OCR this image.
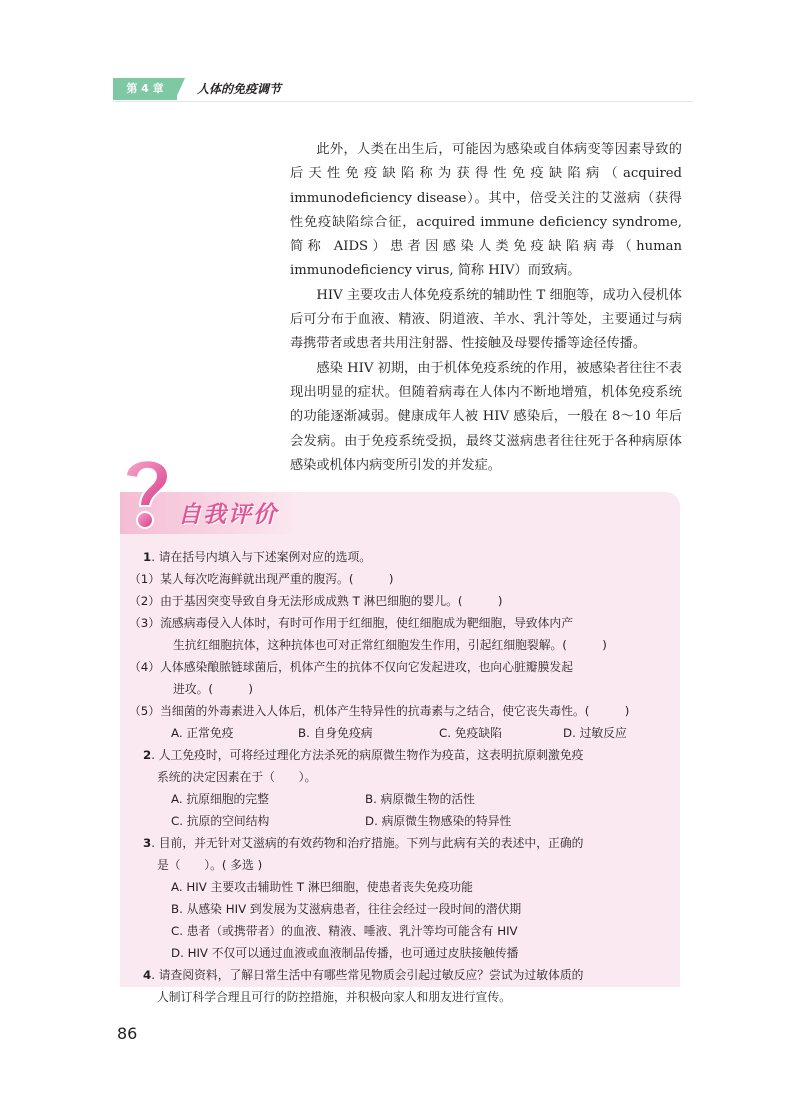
第 4 章	人体的免疫调节

此外，人类在出生后，可能因为感染或自体病变等因素导致的后天性免疫缺陷称为获得性免疫缺陷病（acquired immunodeficiency disease）。其中，倍受关注的艾滋病（获得性免疫缺陷综合征，acquired immune deficiency syndrome, 简称 AIDS）患者因感染人类免疫缺陷病毒（human immunodeficiency virus, 简称 HIV）而致病。

HIV 主要攻击人体免疫系统的辅助性 T 细胞等，成功入侵机体后可分布于血液、精液、阴道液、羊水、乳汁等处，主要通过与病毒携带者或患者共用注射器、性接触及母婴传播等途径传播。

感染 HIV 初期，由于机体免疫系统的作用，被感染者往往不表现出明显的症状。但随着病毒在人体内不断地增殖，机体免疫系统的功能逐渐减弱。健康成年人被 HIV 感染后，一般在 8～10 年后会发病。由于免疫系统受损，最终艾滋病患者往往死于各种病原体感染或机体内病变所引发的并发症。

自我评价
1. 请在括号内填入与下述案例对应的选项。
（1）某人每次吃海鲜就出现严重的腹泻。(　　　)
（2）由于基因突变导致自身无法形成成熟 T 淋巴细胞的婴儿。(　　　)
（3）流感病毒侵入人体时，有时可作用于红细胞，使红细胞成为靶细胞，导致体内产
生抗红细胞抗体，这种抗体也可对正常红细胞发生作用，引起红细胞裂解。(　　　)
（4）人体感染酿脓链球菌后，机体产生的抗体不仅向它发起进攻，也向心脏瓣膜发起
进攻。(　　　)
（5）当细菌的外毒素进入人体后，机体产生特异性的抗毒素与之结合，使它丧失毒性。(　　　)
A. 正常免疫	B. 自身免疫病	C. 免疫缺陷	D. 过敏反应
2. 人工免疫时，可将经过理化方法杀死的病原微生物作为疫苗，这表明抗原刺激免疫
系统的决定因素在于（　　）。
A. 抗原细胞的完整	B. 病原微生物的活性
C. 抗原的空间结构	D. 病原微生物感染的特异性
3. 目前，并无针对艾滋病的有效药物和治疗措施。下列与此病有关的表述中，正确的
是（　　）。( 多选 )
A. HIV 主要攻击辅助性 T 淋巴细胞，使患者丧失免疫功能
B. 从感染 HIV 到发展为艾滋病患者，往往会经过一段时间的潜伏期
C. 患者（或携带者）的血液、精液、唾液、乳汁等均可能含有 HIV
D. HIV 不仅可以通过血液或血液制品传播，也可通过皮肤接触传播
4. 请查阅资料，了解日常生活中有哪些常见物质会引起过敏反应？尝试为过敏体质的
人制订科学合理且可行的防控措施，并积极向家人和朋友进行宣传。
86
